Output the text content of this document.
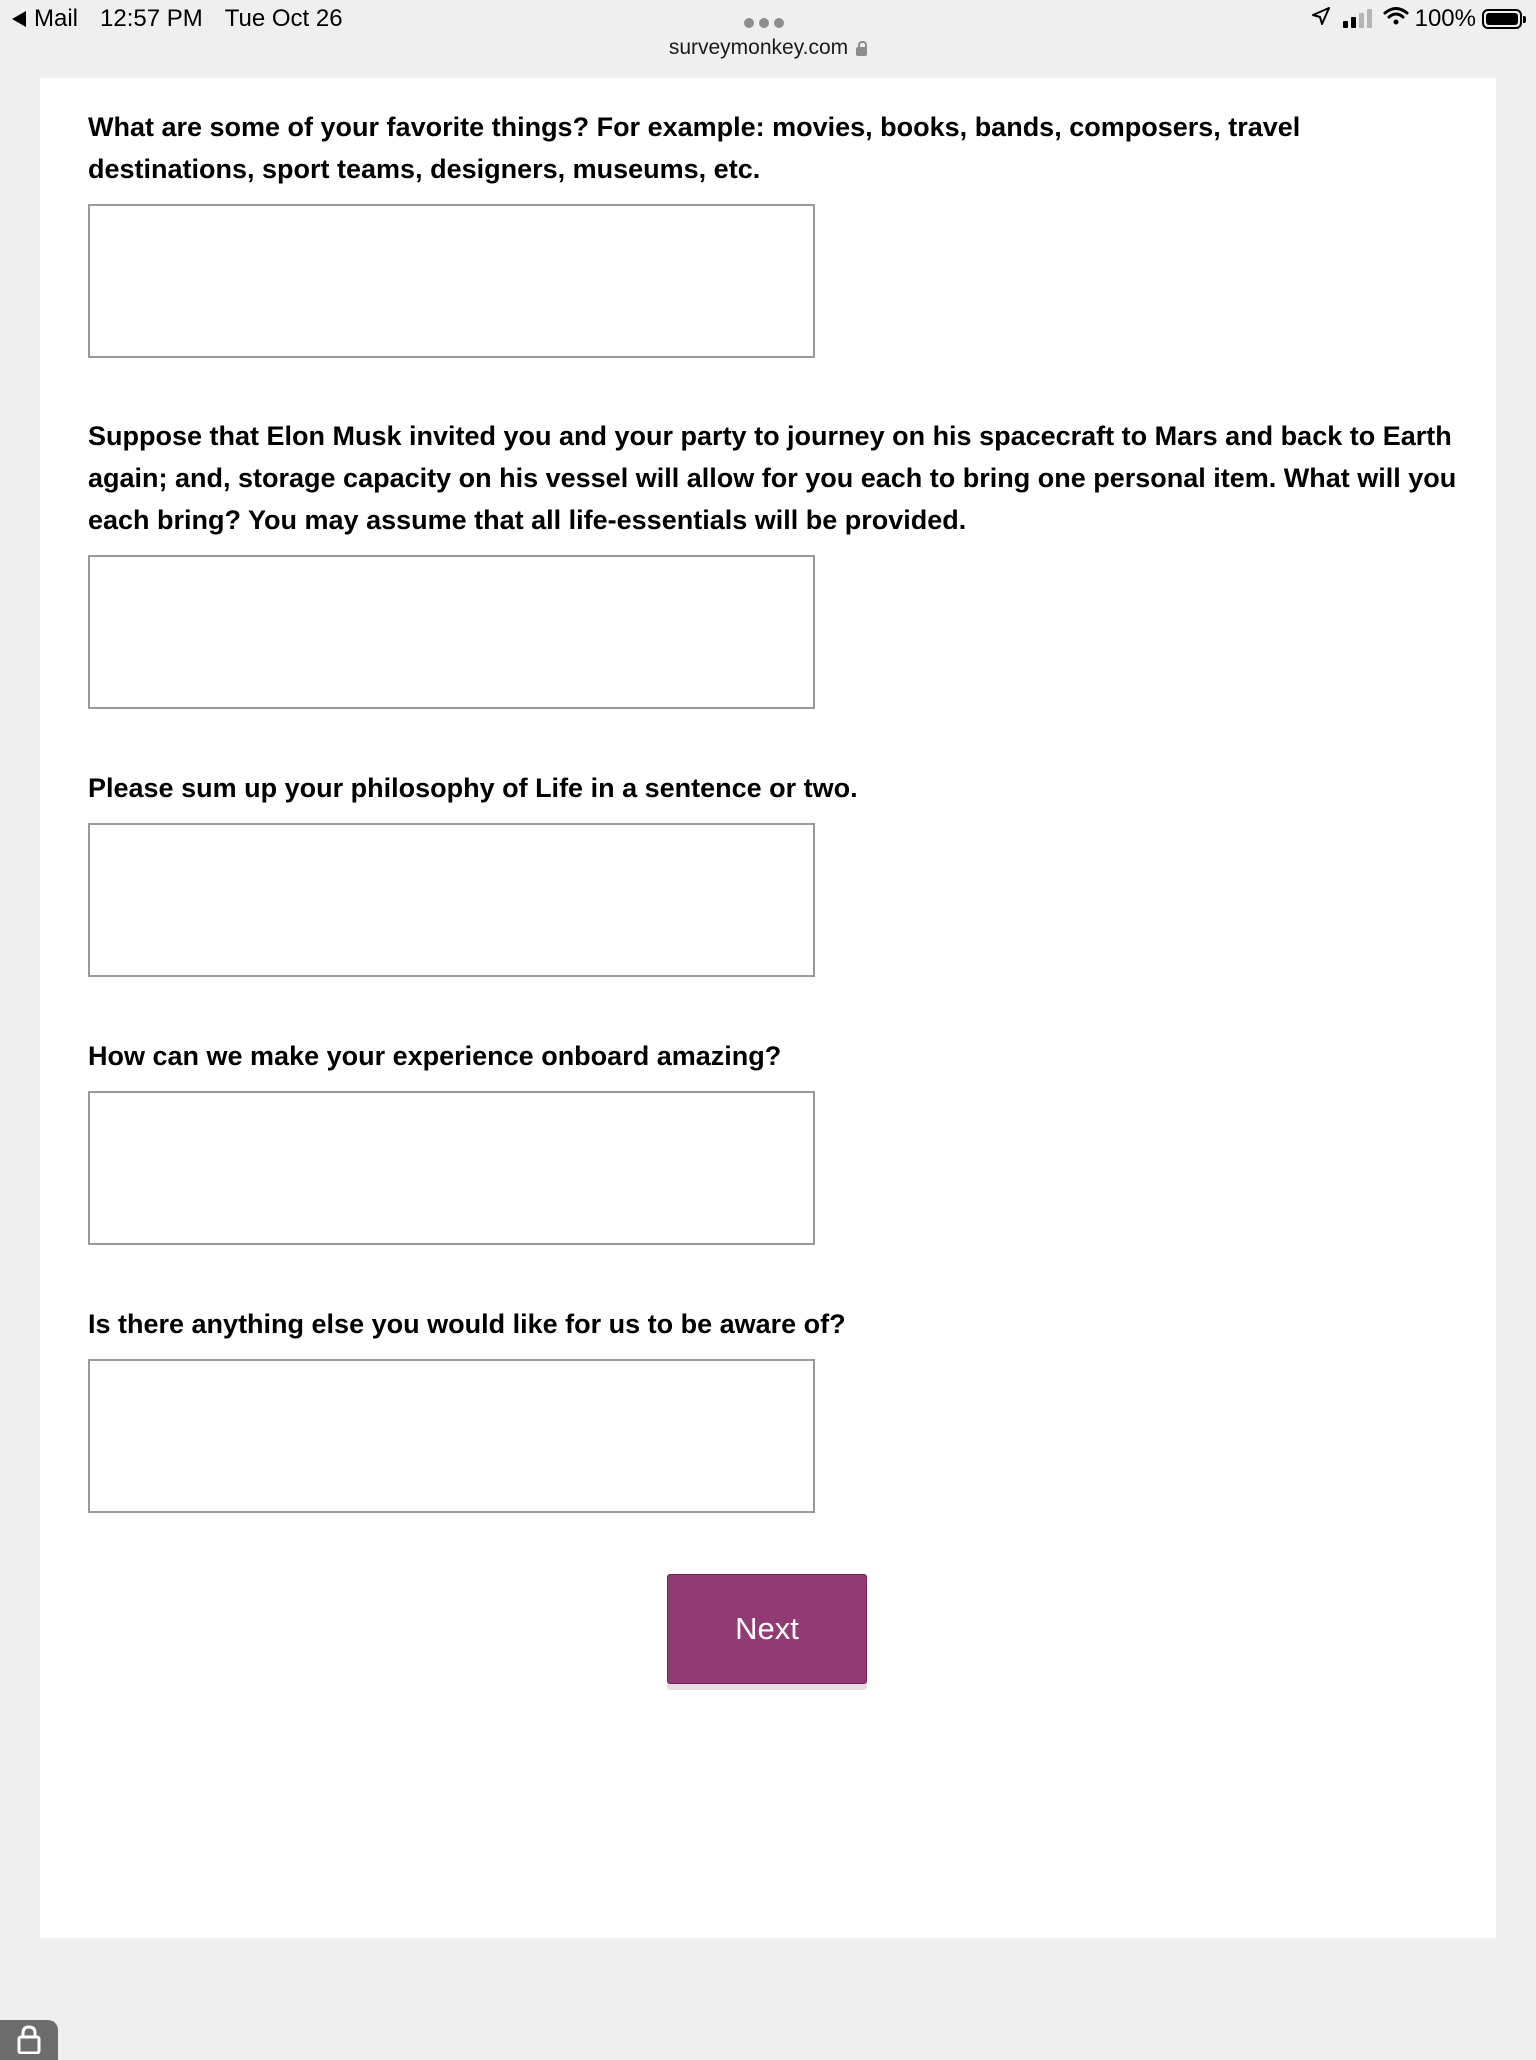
Mail 12:57 PM Tue Oct 26	100%
surveymonkey.com

What are some of your favorite things? For example: movies, books, bands, composers, travel destinations, sport teams, designers, museums, etc.

Suppose that Elon Musk invited you and your party to journey on his spacecraft to Mars and back to Earth again; and, storage capacity on his vessel will allow for you each to bring one personal item. What will you each bring? You may assume that all life-essentials will be provided.

Please sum up your philosophy of Life in a sentence or two.

How can we make your experience onboard amazing?

Is there anything else you would like for us to be aware of?

Next
